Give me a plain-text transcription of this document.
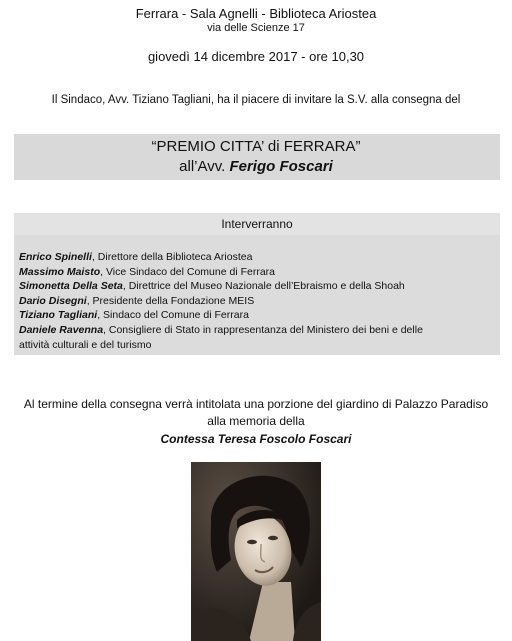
Ferrara - Sala Agnelli - Biblioteca Ariostea
via delle Scienze 17
giovedì 14 dicembre 2017 - ore 10,30
Il Sindaco, Avv. Tiziano Tagliani, ha il piacere di invitare la S.V. alla consegna del
“PREMIO CITTA’ di FERRARA”
all’Avv. Ferigo Foscari
Interverranno
Enrico Spinelli, Direttore della Biblioteca Ariostea
Massimo Maisto, Vice Sindaco del Comune di Ferrara
Simonetta Della Seta, Direttrice del Museo Nazionale dell’Ebraismo e della Shoah
Dario Disegni, Presidente della Fondazione MEIS
Tiziano Tagliani, Sindaco del Comune di Ferrara
Daniele Ravenna, Consigliere di Stato in rappresentanza del Ministero dei beni e delle
attività culturali e del turismo
Al termine della consegna verrà intitolata una porzione del giardino di Palazzo Paradiso
alla memoria della
Contessa Teresa Foscolo Foscari
